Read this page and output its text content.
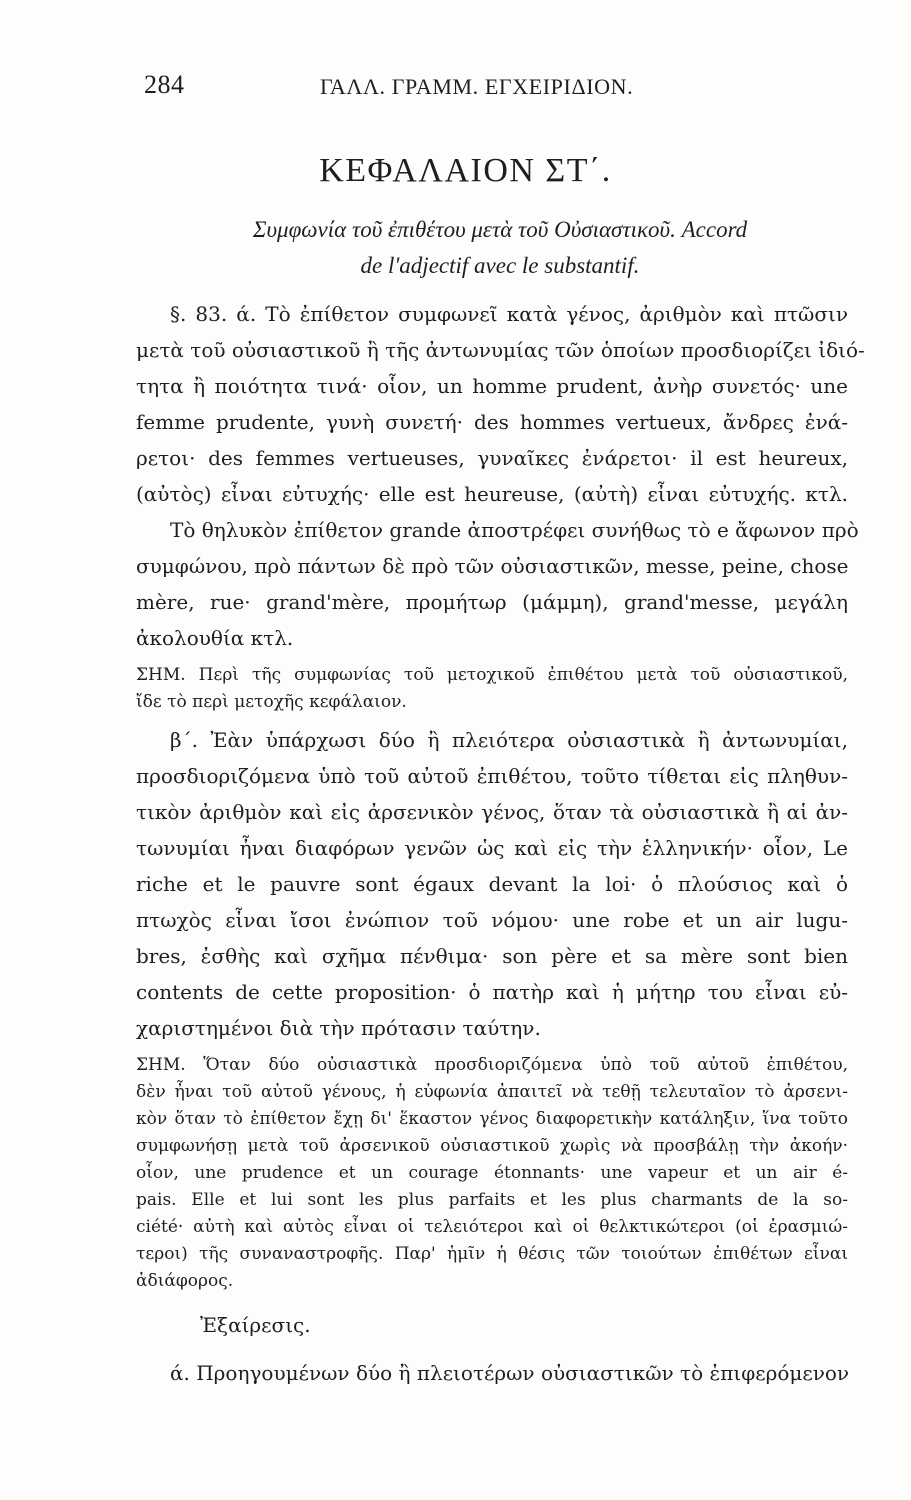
284	ΓΑΛΛ. ΓΡΑΜΜ. ΕΓΧΕΙΡΙΔΙΟΝ.
ΚΕΦΑΛΑΙΟΝ ΣΤ΄.
Συμφωνία τοῦ ἐπιθέτου μετὰ τοῦ Οὐσιαστικοῦ. Accord
de l'adjectif avec le substantif.
§. 83. ά. Τὸ ἐπίθετον συμφωνεῖ κατὰ γένος, ἀριθμὸν καὶ πτῶσιν
μετὰ τοῦ οὐσιαστικοῦ ἢ τῆς ἀντωνυμίας τῶν ὁποίων προσδιορίζει ἰδιό-
τητα ἢ ποιότητα τινά· οἷον, un homme prudent, ἀνὴρ συνετός· une
femme prudente, γυνὴ συνετή· des hommes vertueux, ἄνδρες ἐνά-
ρετοι· des femmes vertueuses, γυναῖκες ἐνάρετοι· il est heureux,
(αὐτὸς) εἶναι εὐτυχής· elle est heureuse, (αὐτὴ) εἶναι εὐτυχής. κτλ.
Τὸ θηλυκὸν ἐπίθετον grande ἀποστρέφει συνήθως τὸ e ἄφωνον πρὸ
συμφώνου, πρὸ πάντων δὲ πρὸ τῶν οὐσιαστικῶν, messe, peine, chose
mère, rue· grand'mère, προμήτωρ (μάμμη), grand'messe, μεγάλη
ἀκολουθία κτλ.
ΣΗΜ. Περὶ τῆς συμφωνίας τοῦ μετοχικοῦ ἐπιθέτου μετὰ τοῦ οὐσιαστικοῦ,
ἴδε τὸ περὶ μετοχῆς κεφάλαιον.
β΄. Ἐὰν ὑπάρχωσι δύο ἢ πλειότερα οὐσιαστικὰ ἢ ἀντωνυμίαι,
προσδιοριζόμενα ὑπὸ τοῦ αὐτοῦ ἐπιθέτου, τοῦτο τίθεται εἰς πληθυν-
τικὸν ἀριθμὸν καὶ εἰς ἀρσενικὸν γένος, ὅταν τὰ οὐσιαστικὰ ἢ αἱ ἀν-
τωνυμίαι ἦναι διαφόρων γενῶν ὡς καὶ εἰς τὴν ἑλληνικήν· οἷον, Le
riche et le pauvre sont égaux devant la loi· ὁ πλούσιος καὶ ὁ
πτωχὸς εἶναι ἴσοι ἐνώπιον τοῦ νόμου· une robe et un air lugu-
bres, ἐσθὴς καὶ σχῆμα πένθιμα· son père et sa mère sont bien
contents de cette proposition· ὁ πατὴρ καὶ ἡ μήτηρ του εἶναι εὐ-
χαριστημένοι διὰ τὴν πρότασιν ταύτην.
ΣΗΜ. Ὅταν δύο οὐσιαστικὰ προσδιοριζόμενα ὑπὸ τοῦ αὐτοῦ ἐπιθέτου,
δὲν ἦναι τοῦ αὐτοῦ γένους, ἡ εὐφωνία ἀπαιτεῖ νὰ τεθῇ τελευταῖον τὸ ἀρσενι-
κὸν ὅταν τὸ ἐπίθετον ἔχῃ δι' ἕκαστον γένος διαφορετικὴν κατάληξιν, ἵνα τοῦτο
συμφωνήσῃ μετὰ τοῦ ἀρσενικοῦ οὐσιαστικοῦ χωρὶς νὰ προσβάλῃ τὴν ἀκοήν·
οἷον, une prudence et un courage étonnants· une vapeur et un air é-
pais. Elle et lui sont les plus parfaits et les plus charmants de la so-
ciété· αὐτὴ καὶ αὐτὸς εἶναι οἱ τελειότεροι καὶ οἱ θελκτικώτεροι (οἱ ἐρασμιώ-
τεροι) τῆς συναναστροφῆς. Παρ' ἡμῖν ἡ θέσις τῶν τοιούτων ἐπιθέτων εἶναι
ἀδιάφορος.
Ἐξαίρεσις.
ά. Προηγουμένων δύο ἢ πλειοτέρων οὐσιαστικῶν τὸ ἐπιφερόμενον
